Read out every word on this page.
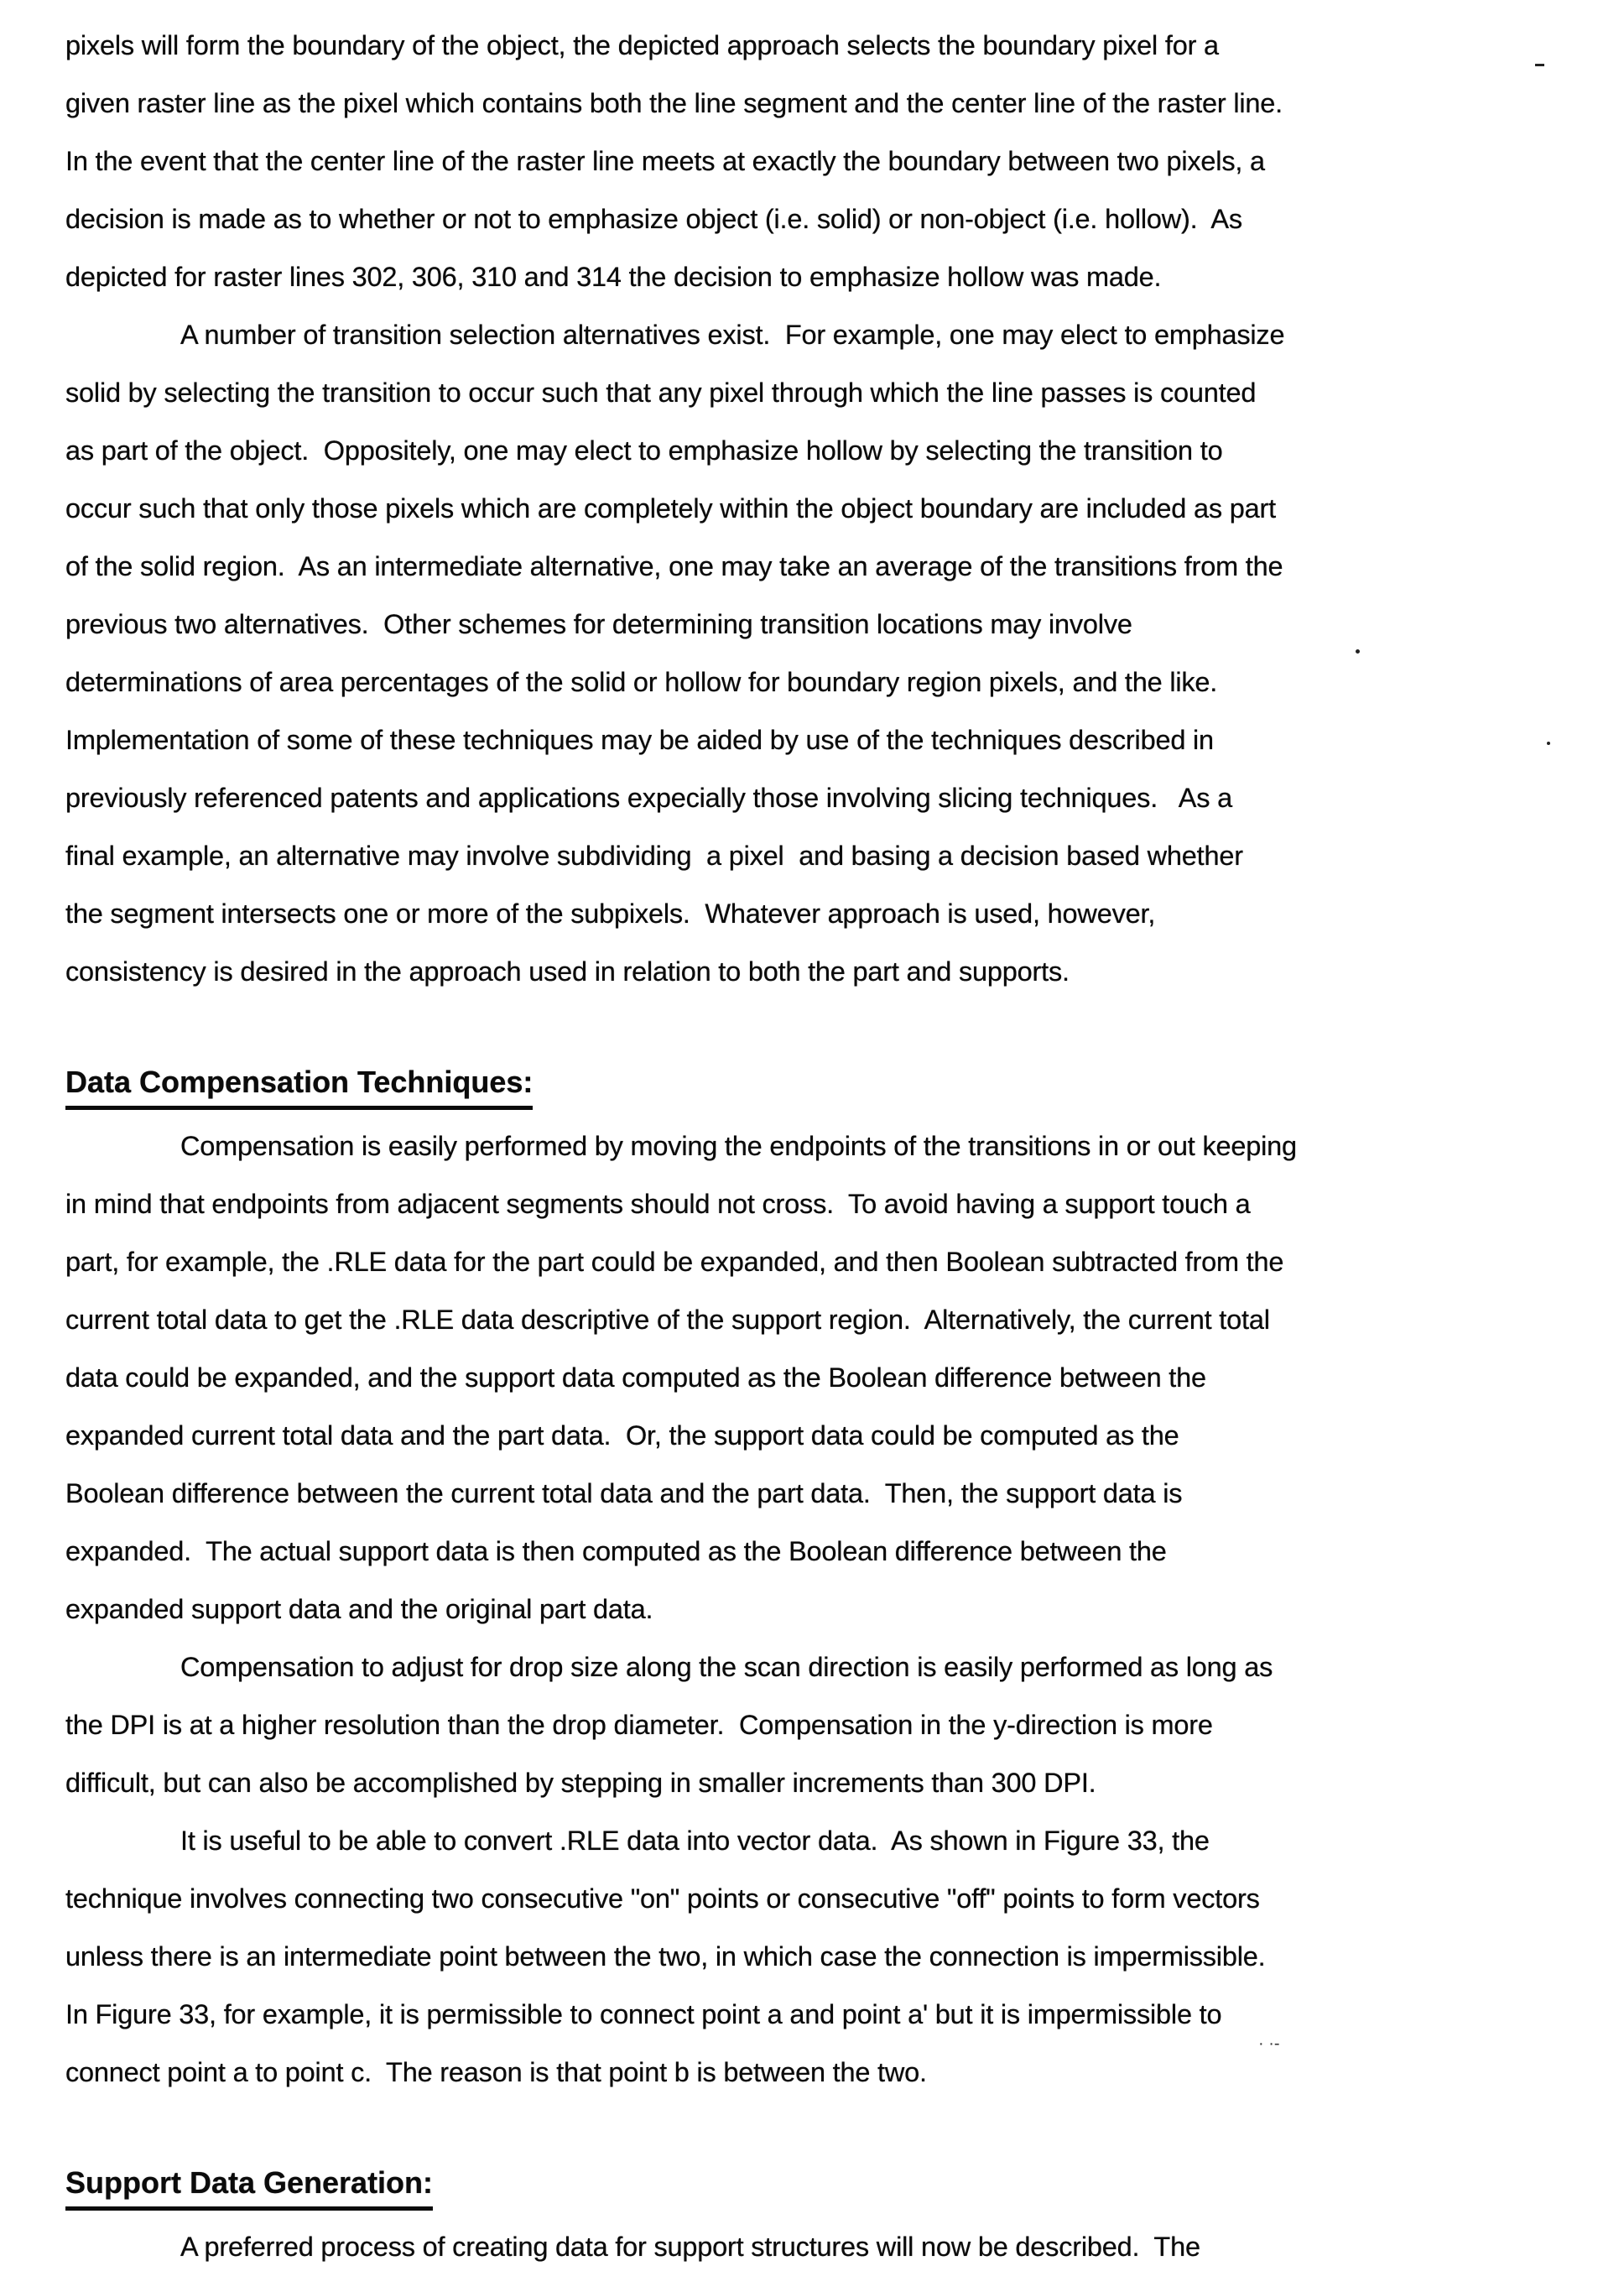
· ·-
pixels will form the boundary of the object, the depicted approach selects the boundary pixel for a
given raster line as the pixel which contains both the line segment and the center line of the raster line.
In the event that the center line of the raster line meets at exactly the boundary between two pixels, a
decision is made as to whether or not to emphasize object (i.e. solid) or non-object (i.e. hollow).  As
depicted for raster lines 302, 306, 310 and 314 the decision to emphasize hollow was made.
A number of transition selection alternatives exist.  For example, one may elect to emphasize
solid by selecting the transition to occur such that any pixel through which the line passes is counted
as part of the object.  Oppositely, one may elect to emphasize hollow by selecting the transition to
occur such that only those pixels which are completely within the object boundary are included as part
of the solid region.  As an intermediate alternative, one may take an average of the transitions from the
previous two alternatives.  Other schemes for determining transition locations may involve
determinations of area percentages of the solid or hollow for boundary region pixels, and the like.
Implementation of some of these techniques may be aided by use of the techniques described in
previously referenced patents and applications expecially those involving slicing techniques.   As a
final example, an alternative may involve subdividing  a pixel  and basing a decision based whether
the segment intersects one or more of the subpixels.  Whatever approach is used, however,
consistency is desired in the approach used in relation to both the part and supports.
Data Compensation Techniques:
Compensation is easily performed by moving the endpoints of the transitions in or out keeping
in mind that endpoints from adjacent segments should not cross.  To avoid having a support touch a
part, for example, the .RLE data for the part could be expanded, and then Boolean subtracted from the
current total data to get the .RLE data descriptive of the support region.  Alternatively, the current total
data could be expanded, and the support data computed as the Boolean difference between the
expanded current total data and the part data.  Or, the support data could be computed as the
Boolean difference between the current total data and the part data.  Then, the support data is
expanded.  The actual support data is then computed as the Boolean difference between the
expanded support data and the original part data.
Compensation to adjust for drop size along the scan direction is easily performed as long as
the DPI is at a higher resolution than the drop diameter.  Compensation in the y-direction is more
difficult, but can also be accomplished by stepping in smaller increments than 300 DPI.
It is useful to be able to convert .RLE data into vector data.  As shown in Figure 33, the
technique involves connecting two consecutive "on" points or consecutive "off" points to form vectors
unless there is an intermediate point between the two, in which case the connection is impermissible.
In Figure 33, for example, it is permissible to connect point a and point a' but it is impermissible to
connect point a to point c.  The reason is that point b is between the two.
Support Data Generation:
A preferred process of creating data for support structures will now be described.  The
